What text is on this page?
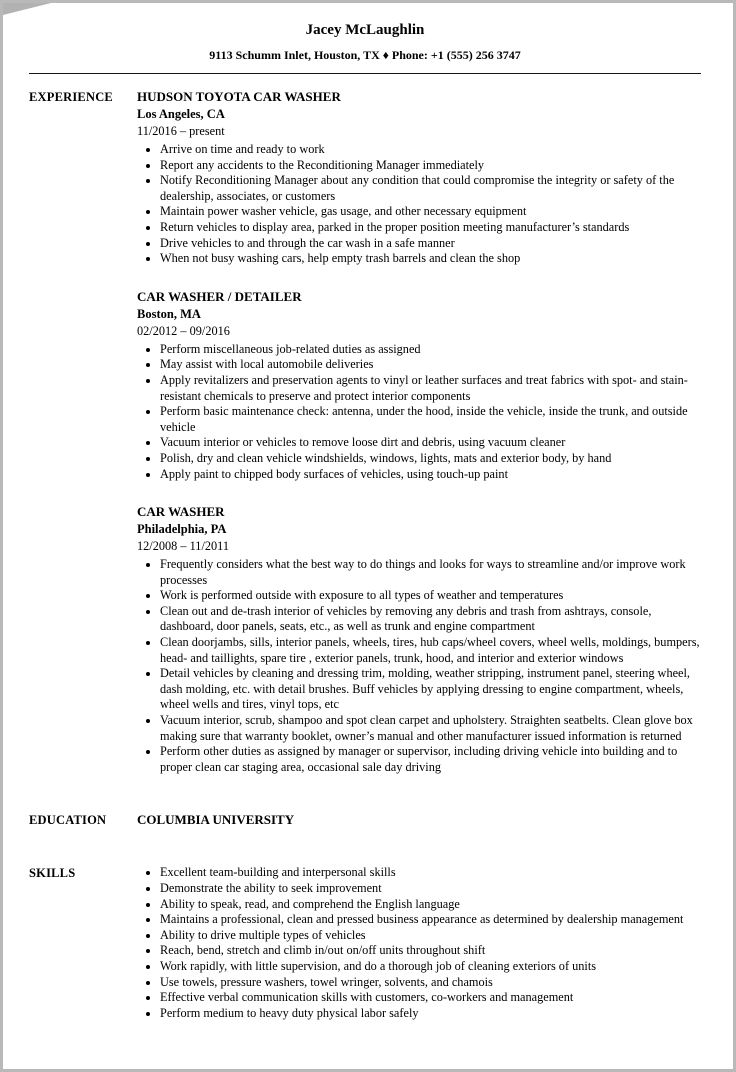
Jacey McLaughlin
9113 Schumm Inlet, Houston, TX ♦ Phone: +1 (555) 256 3747
EXPERIENCE	HUDSON TOYOTA CAR WASHER
Los Angeles, CA
11/2016 – present
• Arrive on time and ready to work
• Report any accidents to the Reconditioning Manager immediately
• Notify Reconditioning Manager about any condition that could compromise the integrity or safety of the dealership, associates, or customers
• Maintain power washer vehicle, gas usage, and other necessary equipment
• Return vehicles to display area, parked in the proper position meeting manufacturer’s standards
• Drive vehicles to and through the car wash in a safe manner
• When not busy washing cars, help empty trash barrels and clean the shop
CAR WASHER / DETAILER
Boston, MA
02/2012 – 09/2016
• Perform miscellaneous job-related duties as assigned
• May assist with local automobile deliveries
• Apply revitalizers and preservation agents to vinyl or leather surfaces and treat fabrics with spot- and stain- resistant chemicals to preserve and protect interior components
• Perform basic maintenance check: antenna, under the hood, inside the vehicle, inside the trunk, and outside vehicle
• Vacuum interior or vehicles to remove loose dirt and debris, using vacuum cleaner
• Polish, dry and clean vehicle windshields, windows, lights, mats and exterior body, by hand
• Apply paint to chipped body surfaces of vehicles, using touch-up paint
CAR WASHER
Philadelphia, PA
12/2008 – 11/2011
• Frequently considers what the best way to do things and looks for ways to streamline and/or improve work processes
• Work is performed outside with exposure to all types of weather and temperatures
• Clean out and de-trash interior of vehicles by removing any debris and trash from ashtrays, console, dashboard, door panels, seats, etc., as well as trunk and engine compartment
• Clean doorjambs, sills, interior panels, wheels, tires, hub caps/wheel covers, wheel wells, moldings, bumpers, head- and taillights, spare tire , exterior panels, trunk, hood, and interior and exterior windows
• Detail vehicles by cleaning and dressing trim, molding, weather stripping, instrument panel, steering wheel, dash molding, etc. with detail brushes. Buff vehicles by applying dressing to engine compartment, wheels, wheel wells and tires, vinyl tops, etc
• Vacuum interior, scrub, shampoo and spot clean carpet and upholstery. Straighten seatbelts. Clean glove box making sure that warranty booklet, owner’s manual and other manufacturer issued information is returned
• Perform other duties as assigned by manager or supervisor, including driving vehicle into building and to proper clean car staging area, occasional sale day driving
EDUCATION	COLUMBIA UNIVERSITY
SKILLS	• Excellent team-building and interpersonal skills
• Demonstrate the ability to seek improvement
• Ability to speak, read, and comprehend the English language
• Maintains a professional, clean and pressed business appearance as determined by dealership management
• Ability to drive multiple types of vehicles
• Reach, bend, stretch and climb in/out on/off units throughout shift
• Work rapidly, with little supervision, and do a thorough job of cleaning exteriors of units
• Use towels, pressure washers, towel wringer, solvents, and chamois
• Effective verbal communication skills with customers, co-workers and management
• Perform medium to heavy duty physical labor safely
